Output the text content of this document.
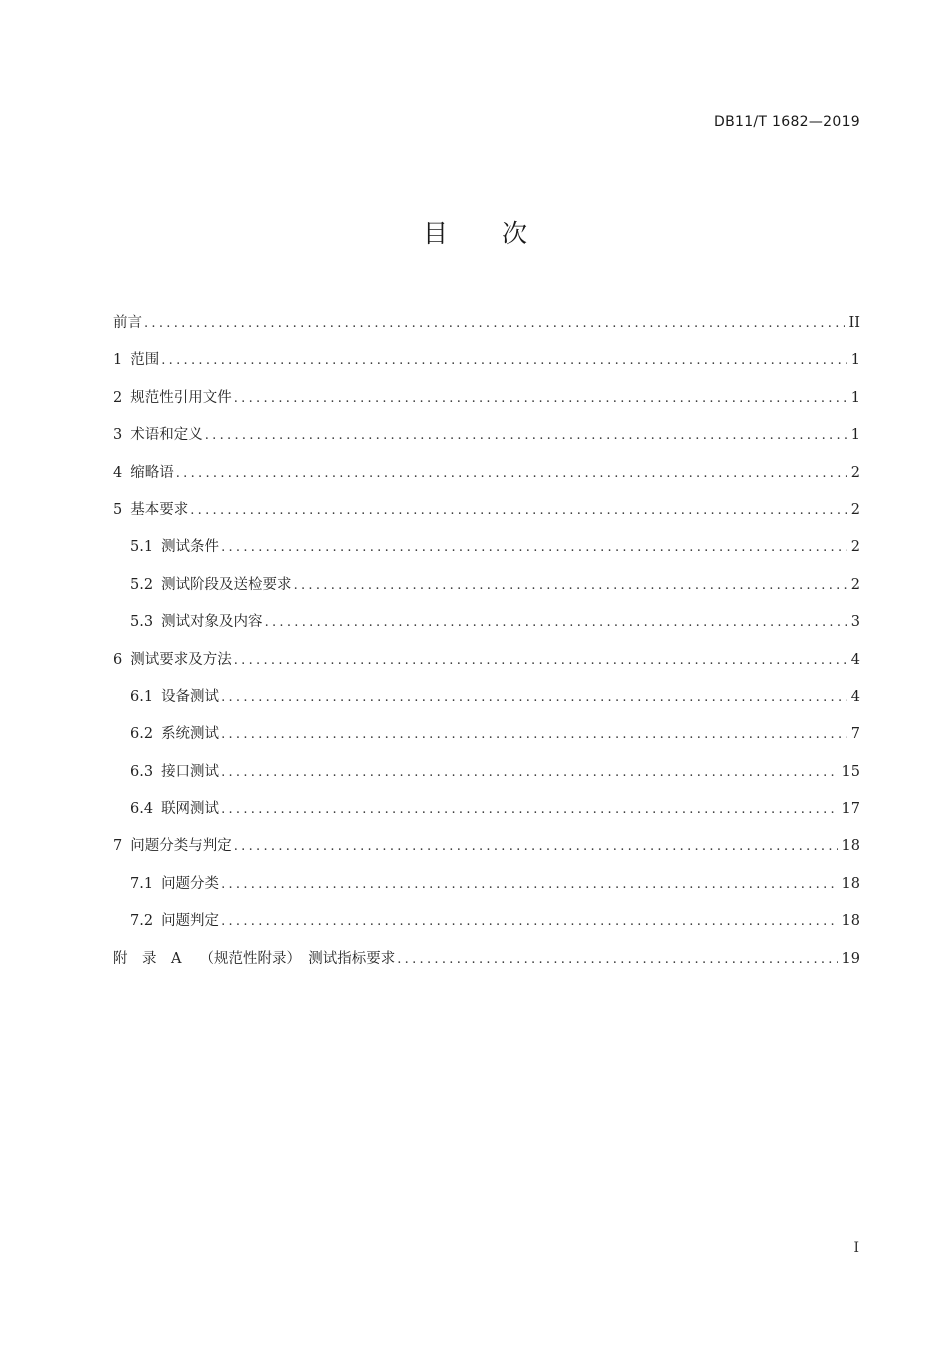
DB11/T 1682—2019
目 次
前言 .....	II
1 范围 .....	1
2 规范性引用文件 .....	1
3 术语和定义 .....	1
4 缩略语 .....	2
5 基本要求 .....	2
5.1 测试条件 .....	2
5.2 测试阶段及送检要求 .....	2
5.3 测试对象及内容 .....	3
6 测试要求及方法 .....	4
6.1 设备测试 .....	4
6.2 系统测试 .....	7
6.3 接口测试 .....	15
6.4 联网测试 .....	17
7 问题分类与判定 .....	18
7.1 问题分类 .....	18
7.2 问题判定 .....	18
附　录　A （规范性附录）　测试指标要求 .....	19
I
